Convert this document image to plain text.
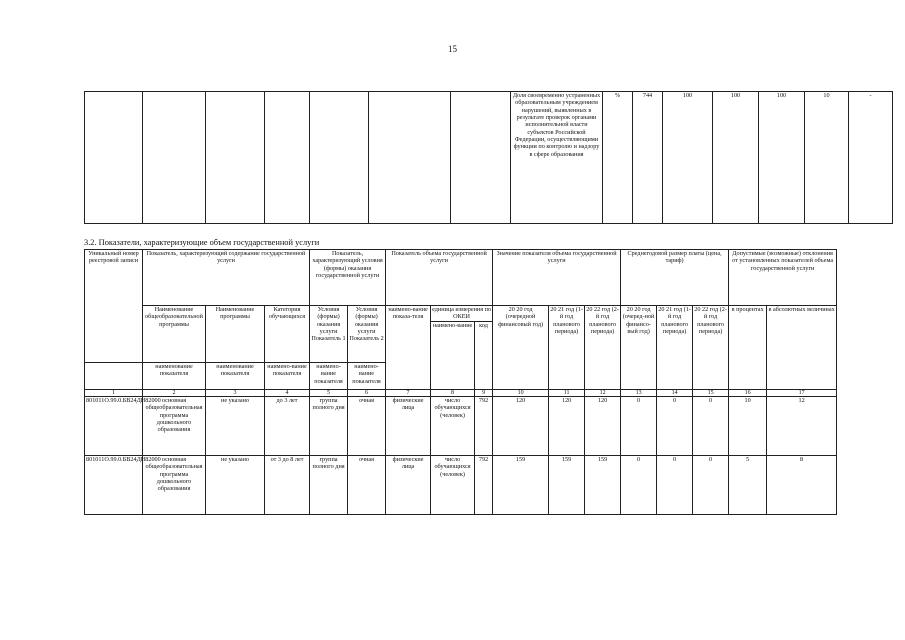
15
							Доля своевременно устраненных образовательным учреждением нарушений, выявленных в результате проверок органами исполнительной власти субъектов Российской Федерации, осуществляющими функции по контролю и надзору в сфере образования	%	744	100	100	100	10	-
3.2. Показатели, характеризующие объем государственной услуги
Уникальный номер реестровой записи	Показатель, характеризующий содержание государственной услуги			Показатель, характеризующий условия (формы) оказания государственной услуги		Показатель объема государственной услуги			Значение показателя объема государственной услуги			Среднегодовой размер платы (цена, тариф)			Допустимые (возможные) отклонения от установленных показателей объема государственной услуги	
	Наименование общеобразовательной программы	Наименование программы	Категория обучающихся	Условия (формы) оказания услуги Показатель 1	Условия (формы) оказания услуги Показатель 2	наимено-вание показа-теля	единица измерения по ОКЕИ		20 20 год (очередной финансовый год)	20 21 год (1-й год планового периода)	20 22 год (2-й год планового периода)	20 20 год (очеред-ной финансо-вый год)	20 21 год (1-й год планового периода)	20 22 год (2-й год планового периода)	в процентах	в абсолютных величинах
							наимено-вание	код								
	наименование показателя	наименование показателя	наимено-вание показателя	наимено-вание показателя	наимено-вание показателя											
1	2	3	4	5	6	7	8	9	10	11	12	13	14	15	16	17
801011О.99.0.БВ24ДН82000	основная общеобразовательная программа дошкольного образования	не указано	до 3 лет	группа полного дня	очная	физические лица	число обучающихся (человек)	792	120	120	120	0	0	0	10	12
801011О.99.0.БВ24ДН82000	основная общеобразовательная программа дошкольного образования	не указано	от 3 до 8 лет	группа полного дня	очная	физические лица	число обучающихся (человек)	792	159	159	159	0	0	0	5	8
